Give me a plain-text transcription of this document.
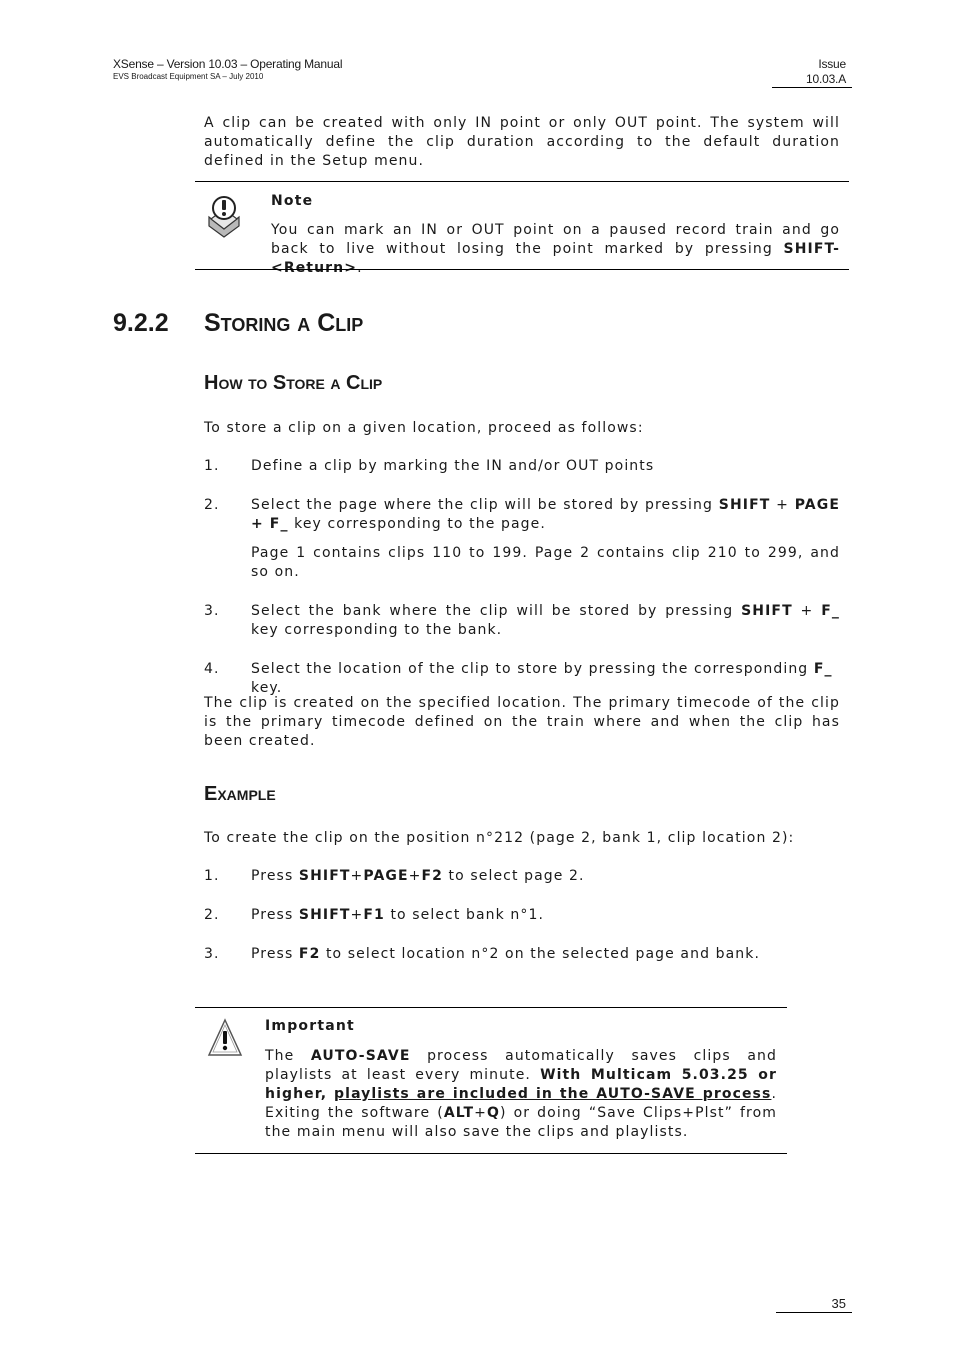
XSense – Version 10.03 – Operating Manual
EVS Broadcast Equipment SA – July 2010
Issue
10.03.A
A clip can be created with only IN point or only OUT point. The system will automatically define the clip duration according to the default duration defined in the Setup menu.
Note
You can mark an IN or OUT point on a paused record train and go back to live without losing the point marked by pressing SHIFT-<Return>.
9.2.2 Storing a Clip
How to Store a Clip
To store a clip on a given location, proceed as follows:
1. Define a clip by marking the IN and/or OUT points
2. Select the page where the clip will be stored by pressing SHIFT + PAGE + F_ key corresponding to the page.
Page 1 contains clips 110 to 199. Page 2 contains clip 210 to 299, and so on.
3. Select the bank where the clip will be stored by pressing SHIFT + F_ key corresponding to the bank.
4. Select the location of the clip to store by pressing the corresponding F_ key.
The clip is created on the specified location. The primary timecode of the clip is the primary timecode defined on the train where and when the clip has been created.
Example
To create the clip on the position n°212 (page 2, bank 1, clip location 2):
1. Press SHIFT+PAGE+F2 to select page 2.
2. Press SHIFT+F1 to select bank n°1.
3. Press F2 to select location n°2 on the selected page and bank.
Important
The AUTO-SAVE process automatically saves clips and playlists at least every minute. With Multicam 5.03.25 or higher, playlists are included in the AUTO-SAVE process. Exiting the software (ALT+Q) or doing “Save Clips+Plst” from the main menu will also save the clips and playlists.
35
